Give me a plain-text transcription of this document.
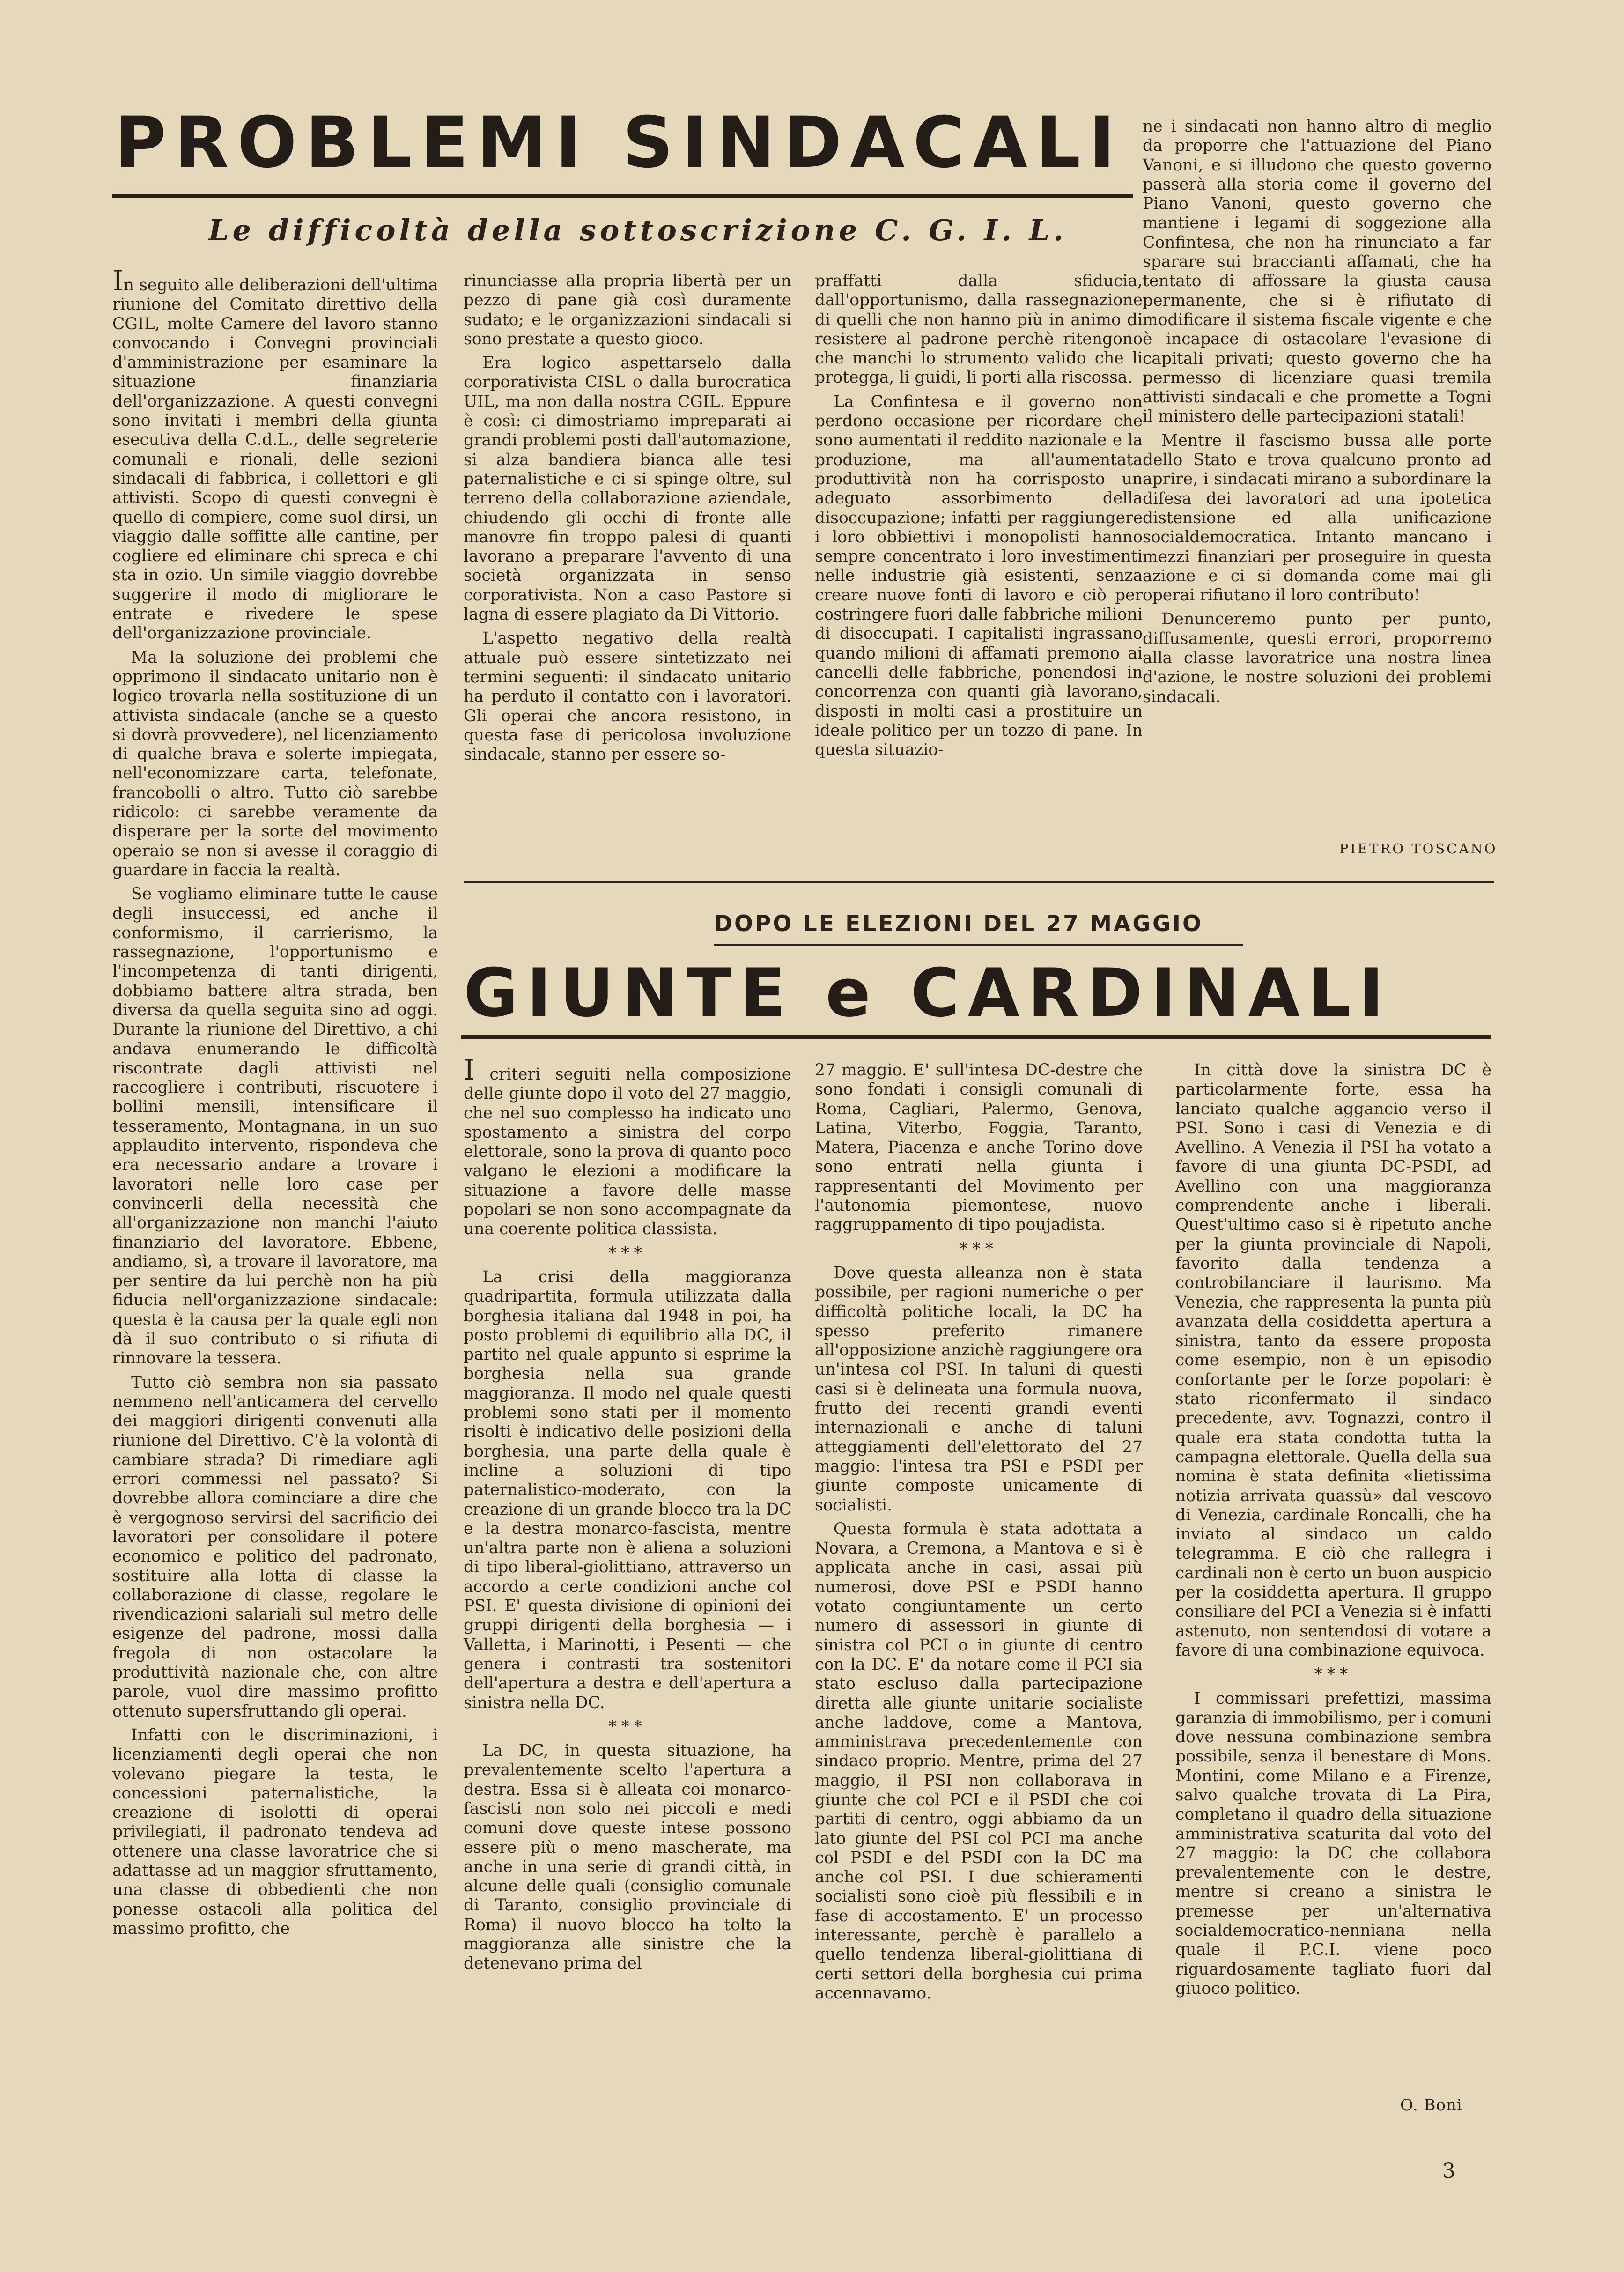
PROBLEMI SINDACALI
Le difficoltà della sottoscrizione C. G. I. L.

In seguito alle deliberazioni dell'ultima riunione del Comitato direttivo della CGIL, molte Camere del lavoro stanno convocando i Convegni provinciali d'amministrazione per esaminare la situazione finanziaria dell'organizzazione. A questi convegni sono invitati i membri della giunta esecutiva della C.d.L., delle segreterie comunali e rionali, delle sezioni sindacali di fabbrica, i collettori e gli attivisti. Scopo di questi convegni è quello di compiere, come suol dirsi, un viaggio dalle soffitte alle cantine, per cogliere ed eliminare chi spreca e chi sta in ozio. Un simile viaggio dovrebbe suggerire il modo di migliorare le entrate e rivedere le spese dell'organizzazione provinciale.

Ma la soluzione dei problemi che opprimono il sindacato unitario non è logico trovarla nella sostituzione di un attivista sindacale (anche se a questo si dovrà provvedere), nel licenziamento di qualche brava e solerte impiegata, nell'economizzare carta, telefonate, francobolli o altro. Tutto ciò sarebbe ridicolo: ci sarebbe veramente da disperare per la sorte del movimento operaio se non si avesse il coraggio di guardare in faccia la realtà.

Se vogliamo eliminare tutte le cause degli insuccessi, ed anche il conformismo, il carrierismo, la rassegnazione, l'opportunismo e l'incompetenza di tanti dirigenti, dobbiamo battere altra strada, ben diversa da quella seguita sino ad oggi. Durante la riunione del Direttivo, a chi andava enumerando le difficoltà riscontrate dagli attivisti nel raccogliere i contributi, riscuotere i bollini mensili, intensificare il tesseramento, Montagnana, in un suo applaudito intervento, rispondeva che era necessario andare a trovare i lavoratori nelle loro case per convincerli della necessità che all'organizzazione non manchi l'aiuto finanziario del lavoratore. Ebbene, andiamo, sì, a trovare il lavoratore, ma per sentire da lui perchè non ha più fiducia nell'organizzazione sindacale: questa è la causa per la quale egli non dà il suo contributo o si rifiuta di rinnovare la tessera.

Tutto ciò sembra non sia passato nemmeno nell'anticamera del cervello dei maggiori dirigenti convenuti alla riunione del Direttivo. C'è la volontà di cambiare strada? Di rimediare agli errori commessi nel passato? Si dovrebbe allora cominciare a dire che è vergognoso servirsi del sacrificio dei lavoratori per consolidare il potere economico e politico del padronato, sostituire alla lotta di classe la collaborazione di classe, regolare le rivendicazioni salariali sul metro delle esigenze del padrone, mossi dalla fregola di non ostacolare la produttività nazionale che, con altre parole, vuol dire massimo profitto ottenuto supersfruttando gli operai.

Infatti con le discriminazioni, i licenziamenti degli operai che non volevano piegare la testa, le concessioni paternalistiche, la creazione di isolotti di operai privilegiati, il padronato tendeva ad ottenere una classe lavoratrice che si adattasse ad un maggior sfruttamento, una classe di obbedienti che non ponesse ostacoli alla politica del massimo profitto, che

rinunciasse alla propria libertà per un pezzo di pane già così duramente sudato; e le organizzazioni sindacali si sono prestate a questo gioco.

Era logico aspettarselo dalla corporativista CISL o dalla burocratica UIL, ma non dalla nostra CGIL. Eppure è così: ci dimostriamo impreparati ai grandi problemi posti dall'automazione, si alza bandiera bianca alle tesi paternalistiche e ci si spinge oltre, sul terreno della collaborazione aziendale, chiudendo gli occhi di fronte alle manovre fin troppo palesi di quanti lavorano a preparare l'avvento di una società organizzata in senso corporativista. Non a caso Pastore si lagna di essere plagiato da Di Vittorio.

L'aspetto negativo della realtà attuale può essere sintetizzato nei termini seguenti: il sindacato unitario ha perduto il contatto con i lavoratori. Gli operai che ancora resistono, in questa fase di pericolosa involuzione sindacale, stanno per essere so-

praffatti dalla sfiducia, dall'opportunismo, dalla rassegnazione di quelli che non hanno più in animo di resistere al padrone perchè ritengono che manchi lo strumento valido che li protegga, li guidi, li porti alla riscossa.

La Confintesa e il governo non perdono occasione per ricordare che sono aumentati il reddito nazionale e la produzione, ma all'aumentata produttività non ha corrisposto un adeguato assorbimento della disoccupazione; infatti per raggiungere i loro obbiettivi i monopolisti hanno sempre concentrato i loro investimenti nelle industrie già esistenti, senza creare nuove fonti di lavoro e ciò per costringere fuori dalle fabbriche milioni di disoccupati. I capitalisti ingrassano quando milioni di affamati premono ai cancelli delle fabbriche, ponendosi in concorrenza con quanti già lavorano, disposti in molti casi a prostituire un ideale politico per un tozzo di pane. In questa situazio-

ne i sindacati non hanno altro di meglio da proporre che l'attuazione del Piano Vanoni, e si illudono che questo governo passerà alla storia come il governo del Piano Vanoni, questo governo che mantiene i legami di soggezione alla Confintesa, che non ha rinunciato a far sparare sui braccianti affamati, che ha tentato di affossare la giusta causa permanente, che si è rifiutato di modificare il sistema fiscale vigente e che è incapace di ostacolare l'evasione di capitali privati; questo governo che ha permesso di licenziare quasi tremila attivisti sindacali e che promette a Togni il ministero delle partecipazioni statali!

Mentre il fascismo bussa alle porte dello Stato e trova qualcuno pronto ad aprire, i sindacati mirano a subordinare la difesa dei lavoratori ad una ipotetica distensione ed alla unificazione socialdemocratica. Intanto mancano i mezzi finanziari per proseguire in questa azione e ci si domanda come mai gli operai rifiutano il loro contributo!

Denunceremo punto per punto, diffusamente, questi errori, proporremo alla classe lavoratrice una nostra linea d'azione, le nostre soluzioni dei problemi sindacali.

PIETRO TOSCANO
DOPO LE ELEZIONI DEL 27 MAGGIO
GIUNTE e CARDINALI

I criteri seguiti nella composizione delle giunte dopo il voto del 27 maggio, che nel suo complesso ha indicato uno spostamento a sinistra del corpo elettorale, sono la prova di quanto poco valgano le elezioni a modificare la situazione a favore delle masse popolari se non sono accompagnate da una coerente politica classista.

***

La crisi della maggioranza quadripartita, formula utilizzata dalla borghesia italiana dal 1948 in poi, ha posto problemi di equilibrio alla DC, il partito nel quale appunto si esprime la borghesia nella sua grande maggioranza. Il modo nel quale questi problemi sono stati per il momento risolti è indicativo delle posizioni della borghesia, una parte della quale è incline a soluzioni di tipo paternalistico-moderato, con la creazione di un grande blocco tra la DC e la destra monarco-fascista, mentre un'altra parte non è aliena a soluzioni di tipo liberal-giolittiano, attraverso un accordo a certe condizioni anche col PSI. E' questa divisione di opinioni dei gruppi dirigenti della borghesia — i Valletta, i Marinotti, i Pesenti — che genera i contrasti tra sostenitori dell'apertura a destra e dell'apertura a sinistra nella DC.

***

La DC, in questa situazione, ha prevalentemente scelto l'apertura a destra. Essa si è alleata coi monarco-fascisti non solo nei piccoli e medi comuni dove queste intese possono essere più o meno mascherate, ma anche in una serie di grandi città, in alcune delle quali (consiglio comunale di Taranto, consiglio provinciale di Roma) il nuovo blocco ha tolto la maggioranza alle sinistre che la detenevano prima del

27 maggio. E' sull'intesa DC-destre che sono fondati i consigli comunali di Roma, Cagliari, Palermo, Genova, Latina, Viterbo, Foggia, Taranto, Matera, Piacenza e anche Torino dove sono entrati nella giunta i rappresentanti del Movimento per l'autonomia piemontese, nuovo raggruppamento di tipo poujadista.

***

Dove questa alleanza non è stata possibile, per ragioni numeriche o per difficoltà politiche locali, la DC ha spesso preferito rimanere all'opposizione anzichè raggiungere ora un'intesa col PSI. In taluni di questi casi si è delineata una formula nuova, frutto dei recenti grandi eventi internazionali e anche di taluni atteggiamenti dell'elettorato del 27 maggio: l'intesa tra PSI e PSDI per giunte composte unicamente di socialisti.

Questa formula è stata adottata a Novara, a Cremona, a Mantova e si è applicata anche in casi, assai più numerosi, dove PSI e PSDI hanno votato congiuntamente un certo numero di assessori in giunte di sinistra col PCI o in giunte di centro con la DC. E' da notare come il PCI sia stato escluso dalla partecipazione diretta alle giunte unitarie socialiste anche laddove, come a Mantova, amministrava precedentemente con sindaco proprio. Mentre, prima del 27 maggio, il PSI non collaborava in giunte che col PCI e il PSDI che coi partiti di centro, oggi abbiamo da un lato giunte del PSI col PCI ma anche col PSDI e del PSDI con la DC ma anche col PSI. I due schieramenti socialisti sono cioè più flessibili e in fase di accostamento. E' un processo interessante, perchè è parallelo a quello tendenza liberal-giolittiana di certi settori della borghesia cui prima accennavamo.

In città dove la sinistra DC è particolarmente forte, essa ha lanciato qualche aggancio verso il PSI. Sono i casi di Venezia e di Avellino. A Venezia il PSI ha votato a favore di una giunta DC-PSDI, ad Avellino con una maggioranza comprendente anche i liberali. Quest'ultimo caso si è ripetuto anche per la giunta provinciale di Napoli, favorito dalla tendenza a controbilanciare il laurismo. Ma Venezia, che rappresenta la punta più avanzata della cosiddetta apertura a sinistra, tanto da essere proposta come esempio, non è un episodio confortante per le forze popolari: è stato riconfermato il sindaco precedente, avv. Tognazzi, contro il quale era stata condotta tutta la campagna elettorale. Quella della sua nomina è stata definita «lietissima notizia arrivata quassù» dal vescovo di Venezia, cardinale Roncalli, che ha inviato al sindaco un caldo telegramma. E ciò che rallegra i cardinali non è certo un buon auspicio per la cosiddetta apertura. Il gruppo consiliare del PCI a Venezia si è infatti astenuto, non sentendosi di votare a favore di una combinazione equivoca.

***

I commissari prefettizi, massima garanzia di immobilismo, per i comuni dove nessuna combinazione sembra possibile, senza il benestare di Mons. Montini, come Milano e a Firenze, salvo qualche trovata di La Pira, completano il quadro della situazione amministrativa scaturita dal voto del 27 maggio: la DC che collabora prevalentemente con le destre, mentre si creano a sinistra le premesse per un'alternativa socialdemocratico-nenniana nella quale il P.C.I. viene poco riguardosamente tagliato fuori dal giuoco politico.

O. Boni
3
